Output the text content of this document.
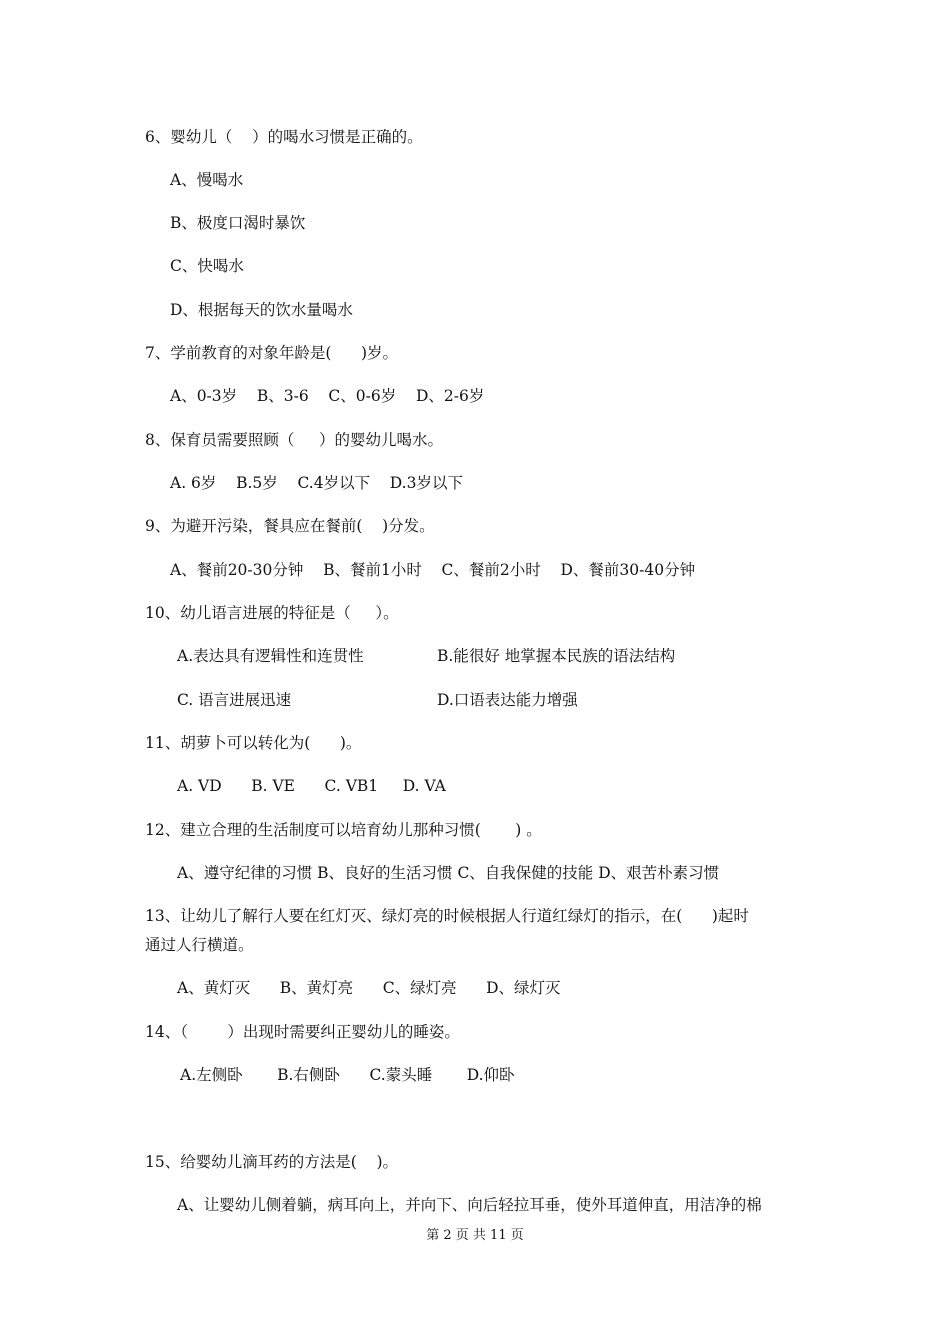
6、婴幼儿（    ）的喝水习惯是正确的。
A、慢喝水
B、极度口渴时暴饮
C、快喝水
D、根据每天的饮水量喝水
7、学前教育的对象年龄是(      )岁。
A、0-3岁    B、3-6    C、0-6岁    D、2-6岁
8、保育员需要照顾（     ）的婴幼儿喝水。
A. 6岁    B.5岁    C.4岁以下    D.3岁以下
9、为避开污染，餐具应在餐前(    )分发。
A、餐前20-30分钟    B、餐前1小时    C、餐前2小时    D、餐前30-40分钟
10、幼儿语言进展的特征是（     ）。
A.表达具有逻辑性和连贯性	B.能很好 地掌握本民族的语法结构
C. 语言进展迅速	D.口语表达能力增强
11、胡萝卜可以转化为(      )。
A. VD      B. VE      C. VB1     D. VA
12、建立合理的生活制度可以培育幼儿那种习惯(       ) 。
A、遵守纪律的习惯 B、良好的生活习惯 C、自我保健的技能 D、艰苦朴素习惯
13、让幼儿了解行人要在红灯灭、绿灯亮的时候根据人行道红绿灯的指示，在(      )起时
通过人行横道。
A、黄灯灭      B、黄灯亮      C、绿灯亮      D、绿灯灭
14、（        ）出现时需要纠正婴幼儿的睡姿。
A.左侧卧       B.右侧卧      C.蒙头睡       D.仰卧
15、给婴幼儿滴耳药的方法是(    )。
A、让婴幼儿侧着躺，病耳向上，并向下、向后轻拉耳垂，使外耳道伸直，用洁净的棉
第 2 页 共 11 页
